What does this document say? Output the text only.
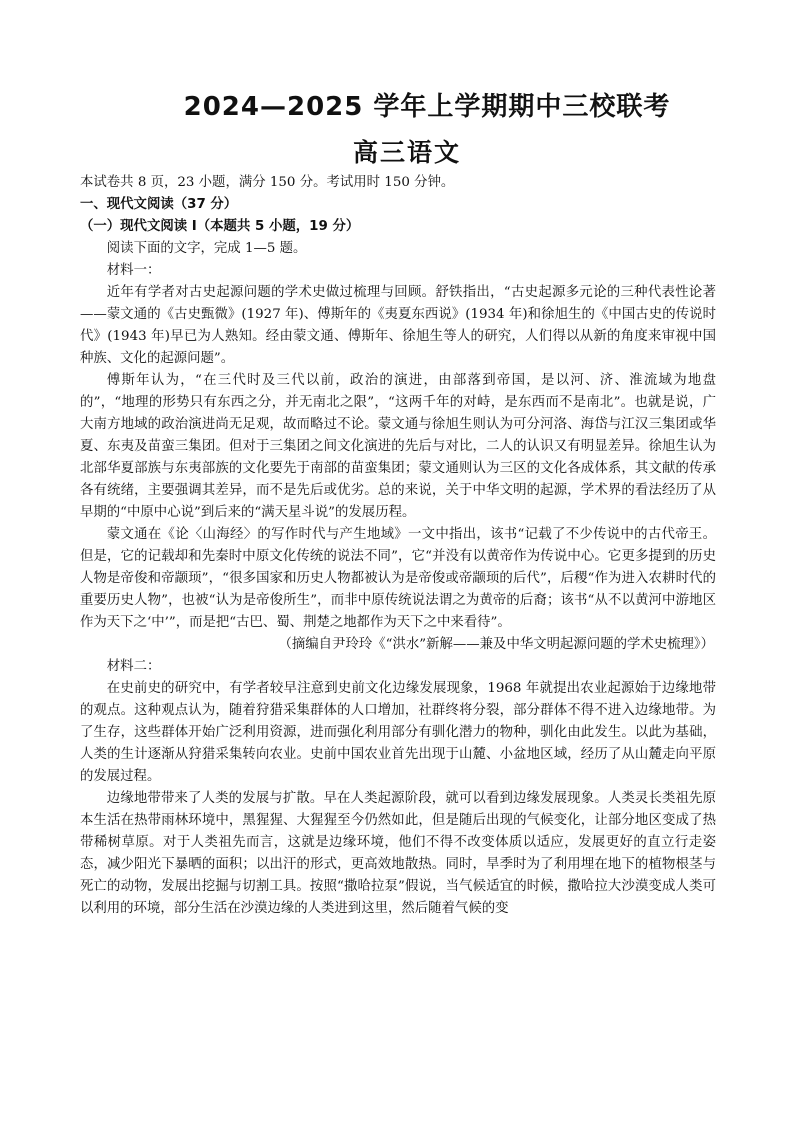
2024—2025 学年上学期期中三校联考
高三语文

本试卷共 8 页，23 小题，满分 150 分。考试用时 150 分钟。

一、现代文阅读（37 分）

（一）现代文阅读 I（本题共 5 小题，19 分）

阅读下面的文字，完成 1—5 题。

材料一：

近年有学者对古史起源问题的学术史做过梳理与回顾。舒铁指出，“古史起源多元论的三种代表性论著——蒙文通的《古史甄微》(1927 年)、傅斯年的《夷夏东西说》(1934 年)和徐旭生的《中国古史的传说时代》(1943 年)早已为人熟知。经由蒙文通、傅斯年、徐旭生等人的研究，人们得以从新的角度来审视中国种族、文化的起源问题”。

傅斯年认为，“在三代时及三代以前，政治的演进，由部落到帝国，是以河、济、淮流域为地盘的”，“地理的形势只有东西之分，并无南北之限”，“这两千年的对峙，是东西而不是南北”。也就是说，广大南方地域的政治演进尚无足观，故而略过不论。蒙文通与徐旭生则认为可分河洛、海岱与江汉三集团或华夏、东夷及苗蛮三集团。但对于三集团之间文化演进的先后与对比，二人的认识又有明显差异。徐旭生认为北部华夏部族与东夷部族的文化要先于南部的苗蛮集团；蒙文通则认为三区的文化各成体系，其文献的传承各有统绪，主要强调其差异，而不是先后或优劣。总的来说，关于中华文明的起源，学术界的看法经历了从早期的“中原中心说”到后来的“满天星斗说”的发展历程。

蒙文通在《论〈山海经〉的写作时代与产生地域》一文中指出，该书“记载了不少传说中的古代帝王。但是，它的记载却和先秦时中原文化传统的说法不同”，它“并没有以黄帝作为传说中心。它更多提到的历史人物是帝俊和帝颛顼”，“很多国家和历史人物都被认为是帝俊或帝颛顼的后代”，后稷“作为进入农耕时代的重要历史人物”，也被“认为是帝俊所生”，而非中原传统说法谓之为黄帝的后裔；该书“从不以黄河中游地区作为天下之‘中’”，而是把“古巴、蜀、荆楚之地都作为天下之中来看待”。

（摘编自尹玲玲《“洪水”新解——兼及中华文明起源问题的学术史梳理》）

材料二：

在史前史的研究中，有学者较早注意到史前文化边缘发展现象，1968 年就提出农业起源始于边缘地带的观点。这种观点认为，随着狩猎采集群体的人口增加，社群终将分裂，部分群体不得不进入边缘地带。为了生存，这些群体开始广泛利用资源，进而强化利用部分有驯化潜力的物种，驯化由此发生。以此为基础，人类的生计逐渐从狩猎采集转向农业。史前中国农业首先出现于山麓、小盆地区域，经历了从山麓走向平原的发展过程。

边缘地带带来了人类的发展与扩散。早在人类起源阶段，就可以看到边缘发展现象。人类灵长类祖先原本生活在热带雨林环境中，黑猩猩、大猩猩至今仍然如此，但是随后出现的气候变化，让部分地区变成了热带稀树草原。对于人类祖先而言，这就是边缘环境，他们不得不改变体质以适应，发展更好的直立行走姿态，减少阳光下暴晒的面积；以出汗的形式，更高效地散热。同时，旱季时为了利用埋在地下的植物根茎与死亡的动物，发展出挖掘与切割工具。按照“撒哈拉泵”假说，当气候适宜的时候，撒哈拉大沙漠变成人类可以利用的环境，部分生活在沙漠边缘的人类进到这里，然后随着气候的变
